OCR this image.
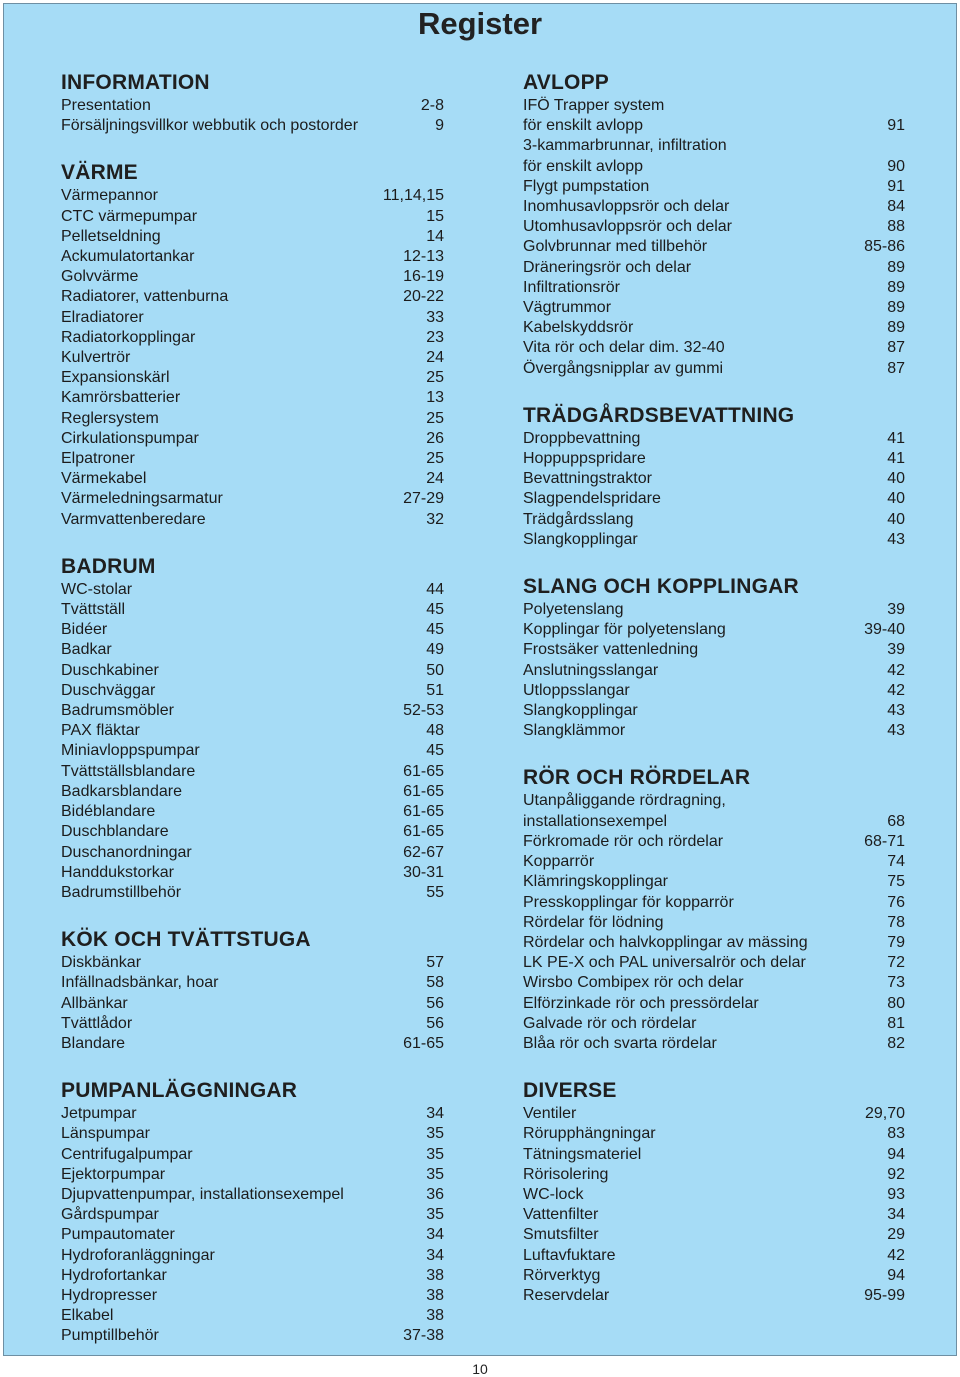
Register
INFORMATION
Presentation	2-8
Försäljningsvillkor webbutik och postorder	9
VÄRME
Värmepannor	11,14,15
CTC värmepumpar	15
Pelletseldning	14
Ackumulatortankar	12-13
Golvvärme	16-19
Radiatorer, vattenburna	20-22
Elradiatorer	33
Radiatorkopplingar	23
Kulvertrör	24
Expansionskärl	25
Kamrörsbatterier	13
Reglersystem	25
Cirkulationspumpar	26
Elpatroner	25
Värmekabel	24
Värmeledningsarmatur	27-29
Varmvattenberedare	32
BADRUM
WC-stolar	44
Tvättställ	45
Bidéer	45
Badkar	49
Duschkabiner	50
Duschväggar	51
Badrumsmöbler	52-53
PAX fläktar	48
Miniavloppspumpar	45
Tvättställsblandare	61-65
Badkarsblandare	61-65
Bidéblandare	61-65
Duschblandare	61-65
Duschanordningar	62-67
Handdukstorkar	30-31
Badrumstillbehör	55
KÖK OCH TVÄTTSTUGA
Diskbänkar	57
Infällnadsbänkar, hoar	58
Allbänkar	56
Tvättlådor	56
Blandare	61-65
PUMPANLÄGGNINGAR
Jetpumpar	34
Länspumpar	35
Centrifugalpumpar	35
Ejektorpumpar	35
Djupvattenpumpar, installationsexempel	36
Gårdspumpar	35
Pumpautomater	34
Hydroforanläggningar	34
Hydrofortankar	38
Hydropresser	38
Elkabel	38
Pumptillbehör	37-38
AVLOPP
IFÖ Trapper system
för enskilt avlopp	91
3-kammarbrunnar, infiltration
för enskilt avlopp	90
Flygt pumpstation	91
Inomhusavloppsrör och delar	84
Utomhusavloppsrör och delar	88
Golvbrunnar med tillbehör	85-86
Dräneringsrör och delar	89
Infiltrationsrör	89
Vägtrummor	89
Kabelskyddsrör	89
Vita rör och delar dim. 32-40	87
Övergångsnipplar av gummi	87
TRÄDGÅRDSBEVATTNING
Droppbevattning	41
Hoppuppspridare	41
Bevattningstraktor	40
Slagpendelspridare	40
Trädgårdsslang	40
Slangkopplingar	43
SLANG OCH KOPPLINGAR
Polyetenslang	39
Kopplingar för polyetenslang	39-40
Frostsäker vattenledning	39
Anslutningsslangar	42
Utloppsslangar	42
Slangkopplingar	43
Slangklämmor	43
RÖR OCH RÖRDELAR
Utanpåliggande rördragning,
installationsexempel	68
Förkromade rör och rördelar	68-71
Kopparrör	74
Klämringskopplingar	75
Presskopplingar för kopparrör	76
Rördelar för lödning	78
Rördelar och halvkopplingar av mässing	79
LK PE-X och PAL universalrör och delar	72
Wirsbo Combipex rör och delar	73
Elförzinkade rör och pressördelar	80
Galvade rör och rördelar	81
Blåa rör och svarta rördelar	82
DIVERSE
Ventiler	29,70
Rörupphängningar	83
Tätningsmateriel	94
Rörisolering	92
WC-lock	93
Vattenfilter	34
Smutsfilter	29
Luftavfuktare	42
Rörverktyg	94
Reservdelar	95-99
10
